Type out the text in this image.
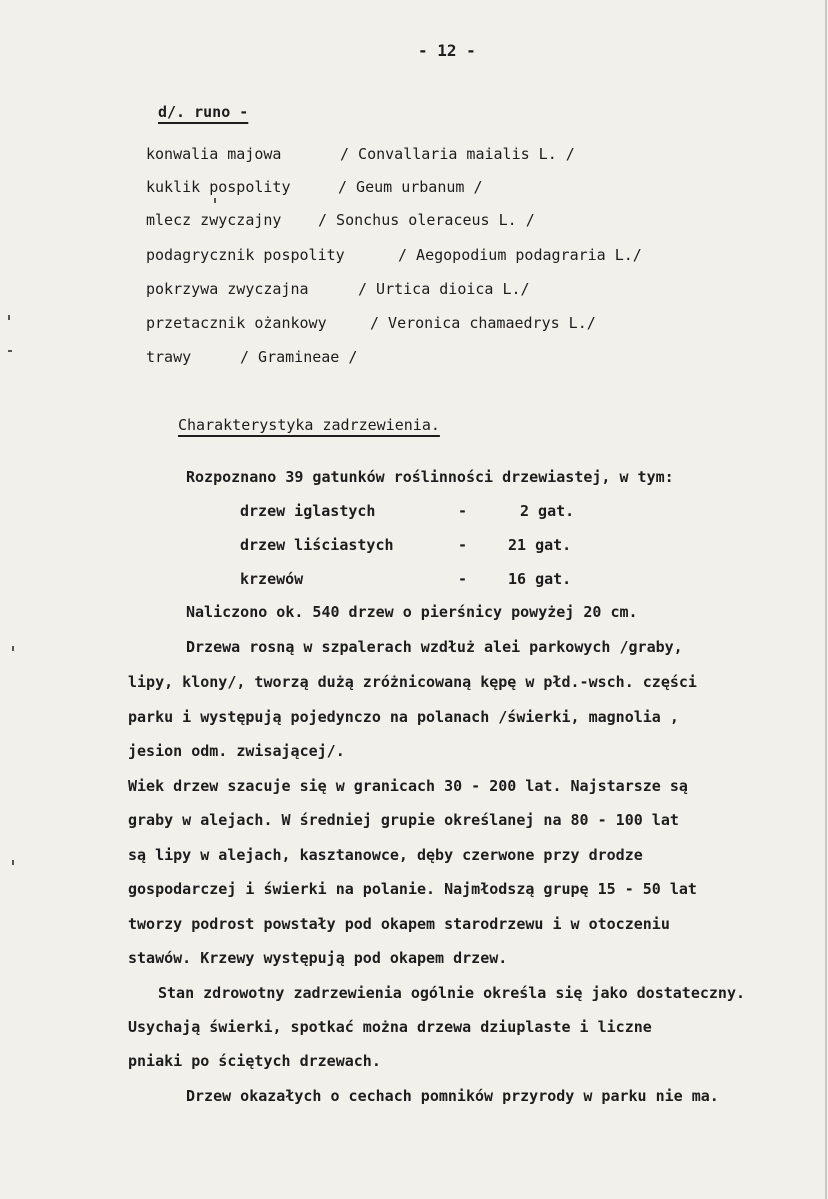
- 12 -
d/. runo -
konwalia majowa	/ Convallaria maialis L. /
kuklik pospolity	/ Geum urbanum /
mlecz zwyczajny / Sonchus oleraceus L. /
podagrycznik pospolity	/ Aegopodium podagraria L./
pokrzywa zwyczajna	/ Urtica dioica L./
przetacznik ożankowy	/ Veronica chamaedrys L./
trawy	/ Gramineae /
Charakterystyka zadrzewienia.
Rozpoznano 39 gatunków roślinności drzewiastej, w tym:
drzew iglastych	-	2 gat.
drzew liściastych	-	21 gat.
krzewów	-	16 gat.
Naliczono ok. 540 drzew o pierśnicy powyżej 20 cm.
Drzewa rosną w szpalerach wzdłuż alei parkowych /graby,
lipy, klony/, tworzą dużą zróżnicowaną kępę w płd.-wsch. części
parku i występują pojedynczo na polanach /świerki, magnolia ,
jesion odm. zwisającej/.
Wiek drzew szacuje się w granicach 30 - 200 lat. Najstarsze są
graby w alejach. W średniej grupie określanej na 80 - 100 lat
są lipy w alejach, kasztanowce, dęby czerwone przy drodze
gospodarczej i świerki na polanie. Najmłodszą grupę 15 - 50 lat
tworzy podrost powstały pod okapem starodrzewu i w otoczeniu
stawów. Krzewy występują pod okapem drzew.
Stan zdrowotny zadrzewienia ogólnie określa się jako dostateczny.
Usychają świerki, spotkać można drzewa dziuplaste i liczne
pniaki po ściętych drzewach.
Drzew okazałych o cechach pomników przyrody w parku nie ma.
